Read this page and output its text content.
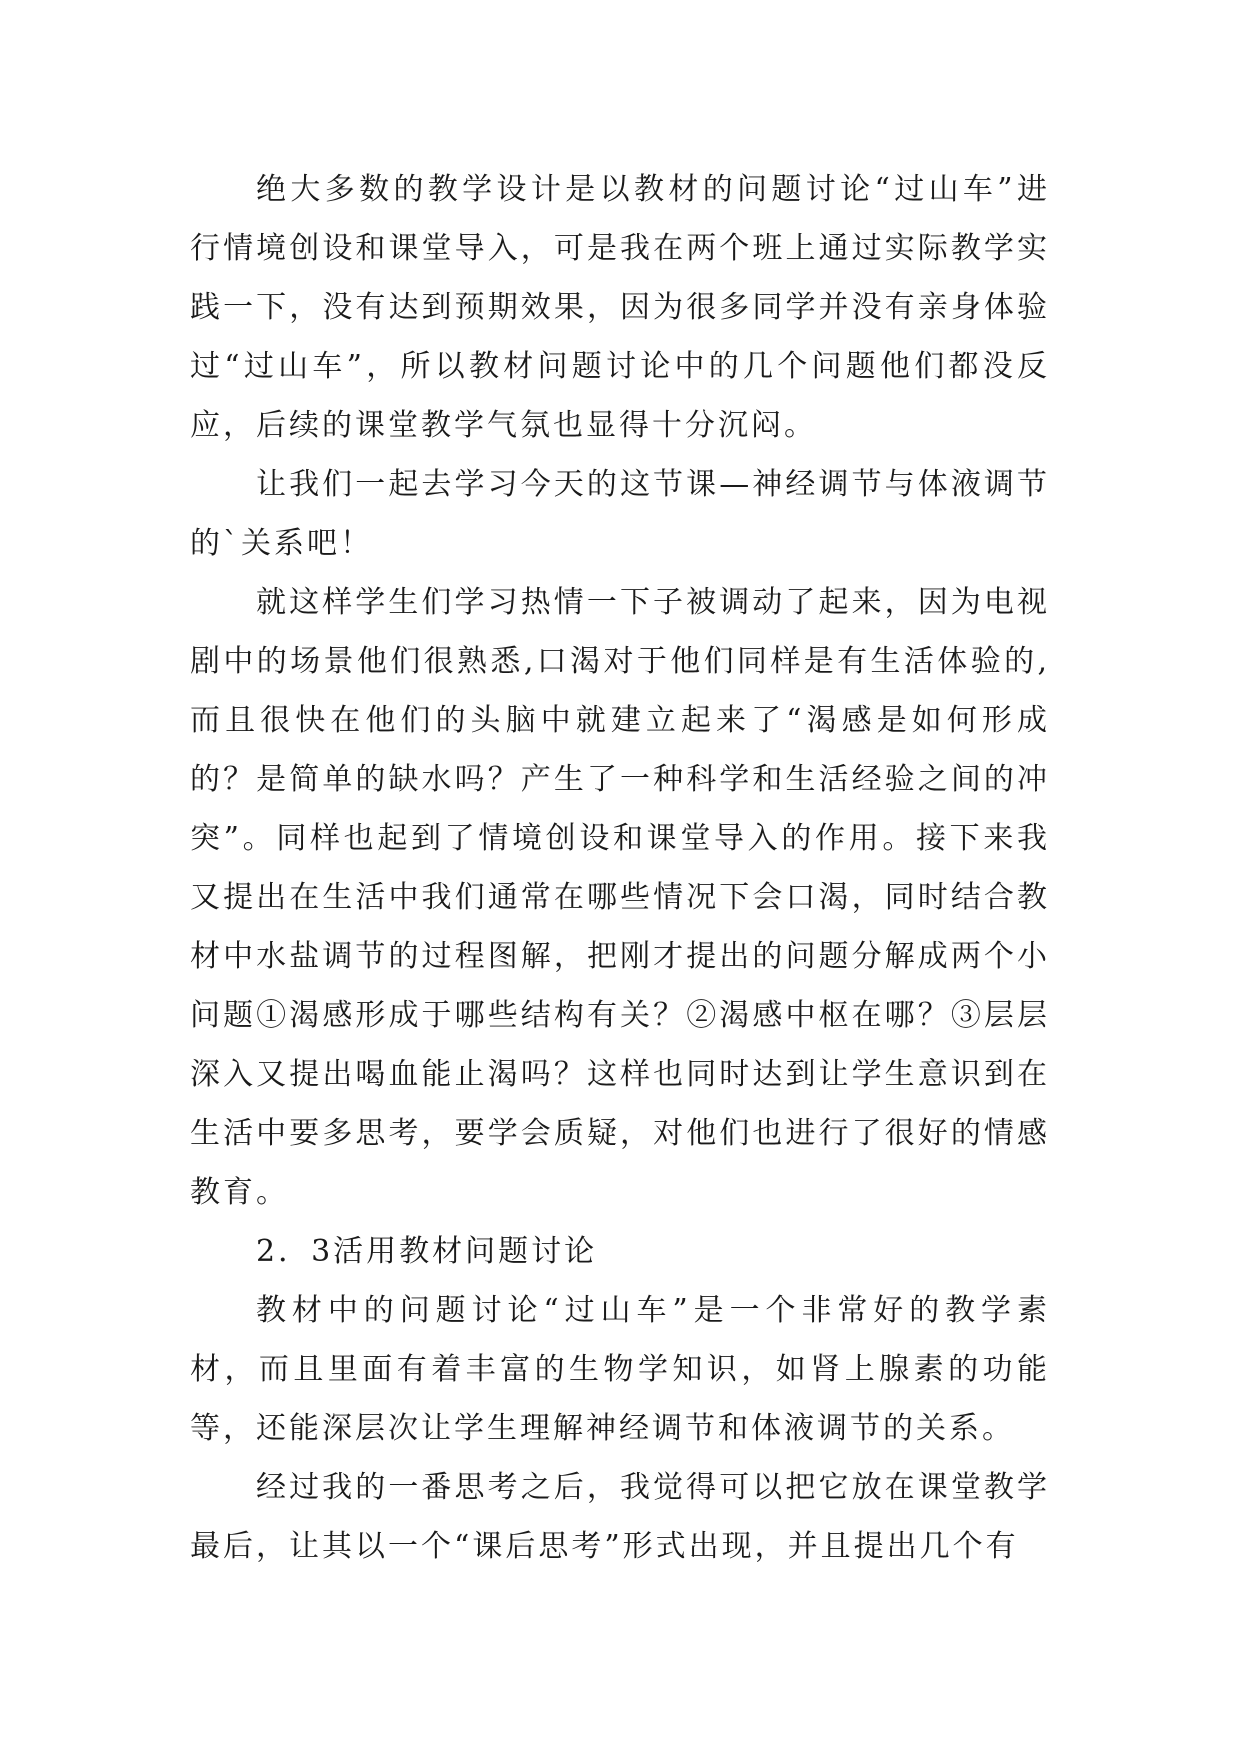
绝大多数的教学设计是以教材的问题讨论“过山车”进行情境创设和课堂导入，可是我在两个班上通过实际教学实践一下，没有达到预期效果，因为很多同学并没有亲身体验过“过山车”，所以教材问题讨论中的几个问题他们都没反应，后续的课堂教学气氛也显得十分沉闷。

让我们一起去学习今天的这节课—神经调节与体液调节的`关系吧！

就这样学生们学习热情一下子被调动了起来，因为电视剧中的场景他们很熟悉,口渴对于他们同样是有生活体验的,而且很快在他们的头脑中就建立起来了“渴感是如何形成的？是简单的缺水吗？产生了一种科学和生活经验之间的冲突”。同样也起到了情境创设和课堂导入的作用。接下来我又提出在生活中我们通常在哪些情况下会口渴，同时结合教材中水盐调节的过程图解，把刚才提出的问题分解成两个小问题①渴感形成于哪些结构有关？②渴感中枢在哪？③层层深入又提出喝血能止渴吗？这样也同时达到让学生意识到在生活中要多思考，要学会质疑，对他们也进行了很好的情感教育。

2．3活用教材问题讨论

教材中的问题讨论“过山车”是一个非常好的教学素材，而且里面有着丰富的生物学知识，如肾上腺素的功能等，还能深层次让学生理解神经调节和体液调节的关系。

经过我的一番思考之后，我觉得可以把它放在课堂教学最后，让其以一个“课后思考”形式出现，并且提出几个有
